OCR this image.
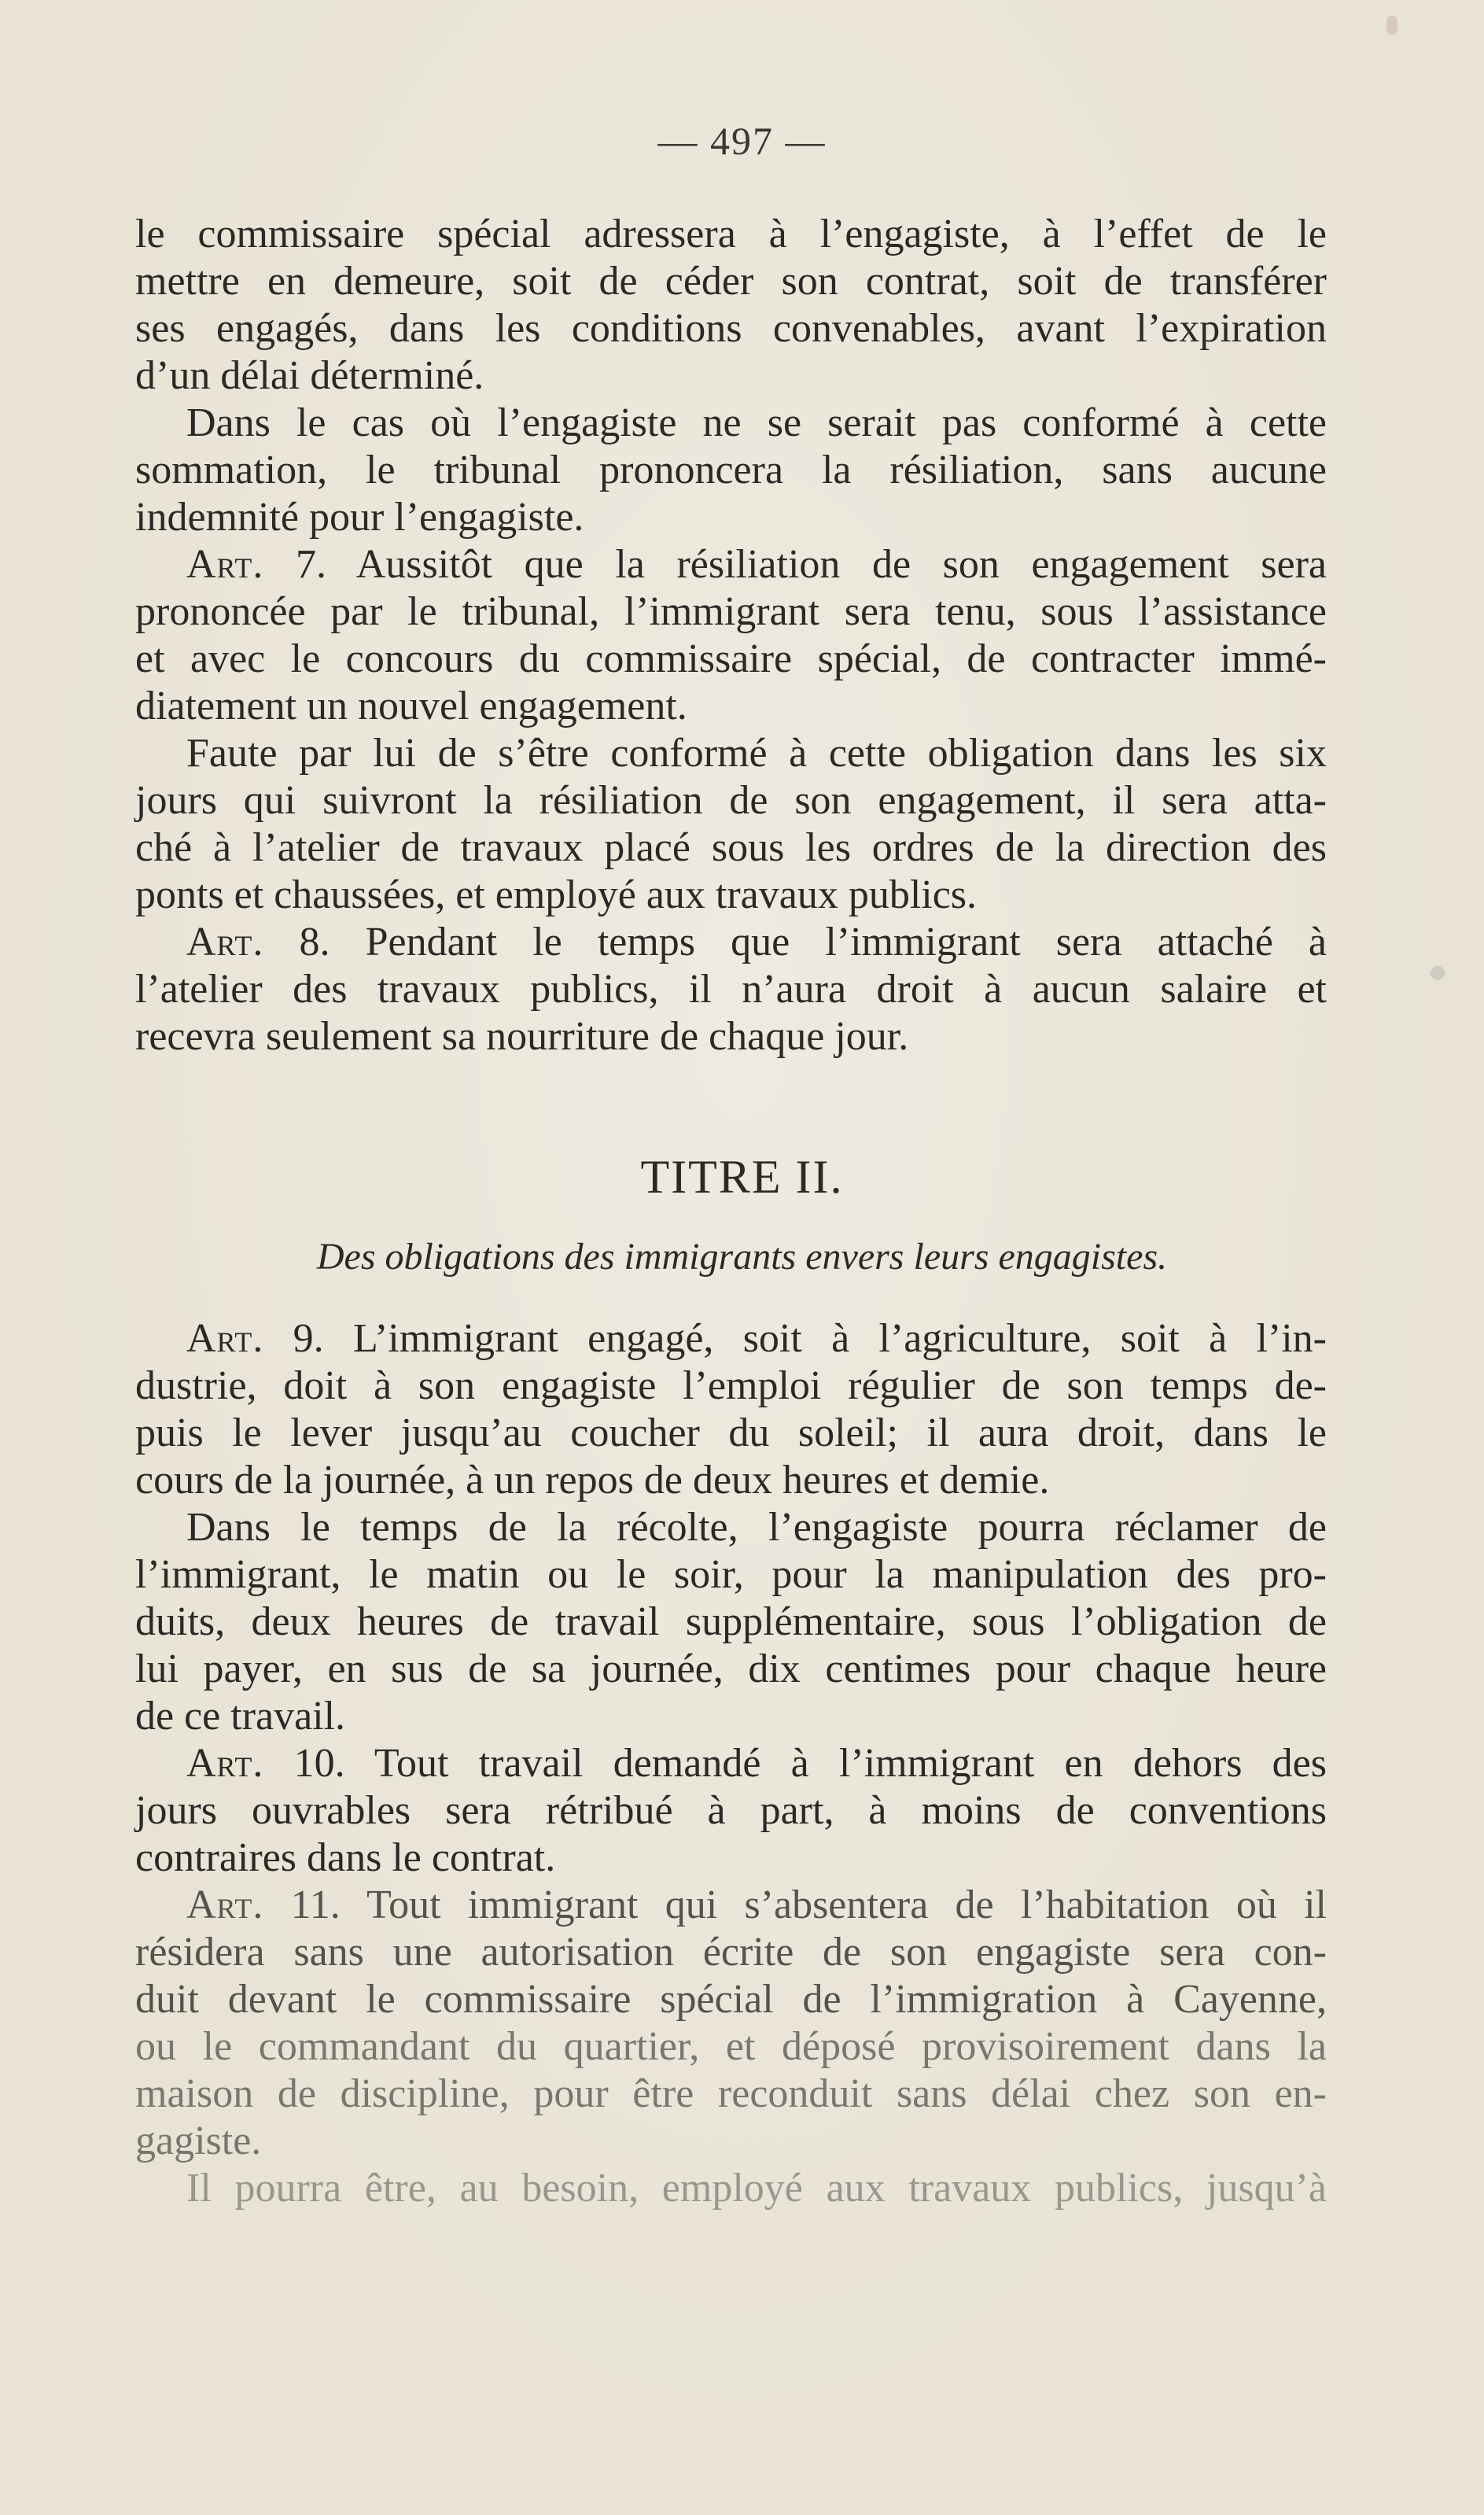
— 497 —
le commissaire spécial adressera à l’engagiste, à l’effet de le
mettre en demeure, soit de céder son contrat, soit de transférer
ses engagés, dans les conditions convenables, avant l’expiration
d’un délai déterminé.
Dans le cas où l’engagiste ne se serait pas conformé à cette
sommation, le tribunal prononcera la résiliation, sans aucune
indemnité pour l’engagiste.
Art. 7. Aussitôt que la résiliation de son engagement sera
prononcée par le tribunal, l’immigrant sera tenu, sous l’assistance
et avec le concours du commissaire spécial, de contracter immé-
diatement un nouvel engagement.
Faute par lui de s’être conformé à cette obligation dans les six
jours qui suivront la résiliation de son engagement, il sera atta-
ché à l’atelier de travaux placé sous les ordres de la direction des
ponts et chaussées, et employé aux travaux publics.
Art. 8. Pendant le temps que l’immigrant sera attaché à
l’atelier des travaux publics, il n’aura droit à aucun salaire et
recevra seulement sa nourriture de chaque jour.
TITRE II.
Des obligations des immigrants envers leurs engagistes.
Art. 9. L’immigrant engagé, soit à l’agriculture, soit à l’in-
dustrie, doit à son engagiste l’emploi régulier de son temps de-
puis le lever jusqu’au coucher du soleil; il aura droit, dans le
cours de la journée, à un repos de deux heures et demie.
Dans le temps de la récolte, l’engagiste pourra réclamer de
l’immigrant, le matin ou le soir, pour la manipulation des pro-
duits, deux heures de travail supplémentaire, sous l’obligation de
lui payer, en sus de sa journée, dix centimes pour chaque heure
de ce travail.
Art. 10. Tout travail demandé à l’immigrant en dehors des
jours ouvrables sera rétribué à part, à moins de conventions
contraires dans le contrat.
Art. 11. Tout immigrant qui s’absentera de l’habitation où il
résidera sans une autorisation écrite de son engagiste sera con-
duit devant le commissaire spécial de l’immigration à Cayenne,
ou le commandant du quartier, et déposé provisoirement dans la
maison de discipline, pour être reconduit sans délai chez son en-
gagiste.
Il pourra être, au besoin, employé aux travaux publics, jusqu’à
